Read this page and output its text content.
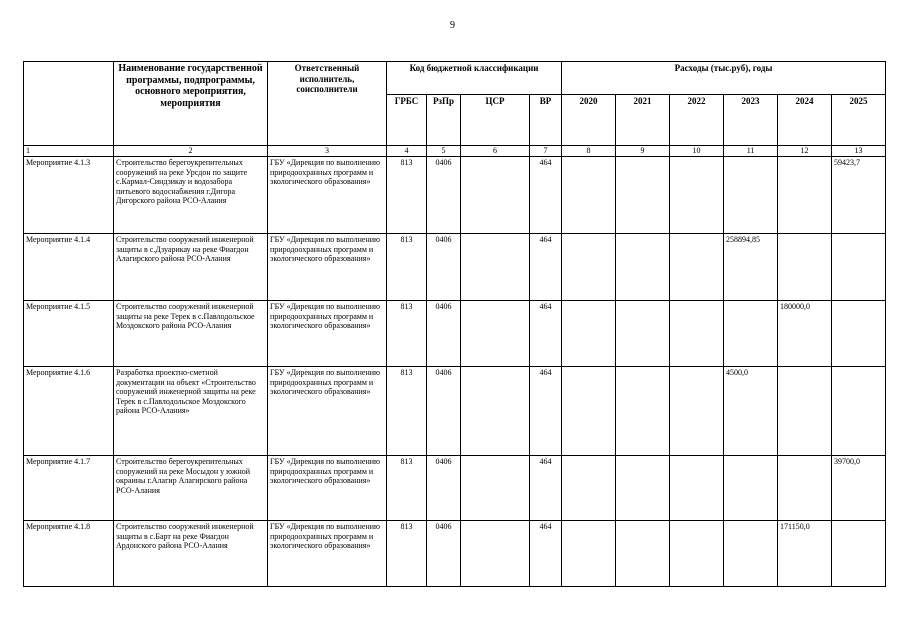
9
	Наименование государственной программы, подпрограммы, основного мероприятия, мероприятия	Ответственный исполнитель, соисполнители	Код бюджетной классификации				Расходы (тыс.руб), годы					
			ГРБС	РзПр	ЦСР	ВР	2020	2021	2022	2023	2024	2025
1	2	3	4	5	6	7	8	9	10	11	12	13
Мероприятие 4.1.3	Строительство берегоукрепительных сооружений на реке Урсдон по защите с.Кармал-Синдзикау и водозабора питьевого водоснабжения г.Дигора Дигорского района РСО-Алания	ГБУ «Дирекция по выполнению природоохранных программ и экологического образования»	813	0406		464						59423,7
Мероприятие 4.1.4	Строительство сооружений инженерной защиты в с.Дзуарикау на реке Фиагдон Алагирского района РСО-Алания	ГБУ «Дирекция по выполнению природоохранных программ и экологического образования»	813	0406		464				258894,85		
Мероприятие 4.1.5	Строительство сооружений инженерной защиты на реке Терек в с.Павлодольское Моздокского района РСО-Алания	ГБУ «Дирекция по выполнению природоохранных программ и экологического образования»	813	0406		464					180000,0	
Мероприятие 4.1.6	Разработка проектно-сметной документации на объект «Строительство сооружений инженерной защиты на реке Терек в с.Павлодольское Моздокского района РСО-Алания»	ГБУ «Дирекция по выполнению природоохранных программ и экологического образования»	813	0406		464				4500,0		
Мероприятие 4.1.7	Строительство берегоукрепительных сооружений на реке Мосыдон у южной окраины г.Алагир Алагирского района РСО-Алания	ГБУ «Дирекция по выполнению природоохранных программ и экологического образования»	813	0406		464						39700,0
Мероприятие 4.1.8	Строительство сооружений инженерной защиты в с.Барт на реке Фиагдон Ардонского района РСО-Алания	ГБУ «Дирекция по выполнению природоохранных программ и экологического образования»	813	0406		464					171150,0	
